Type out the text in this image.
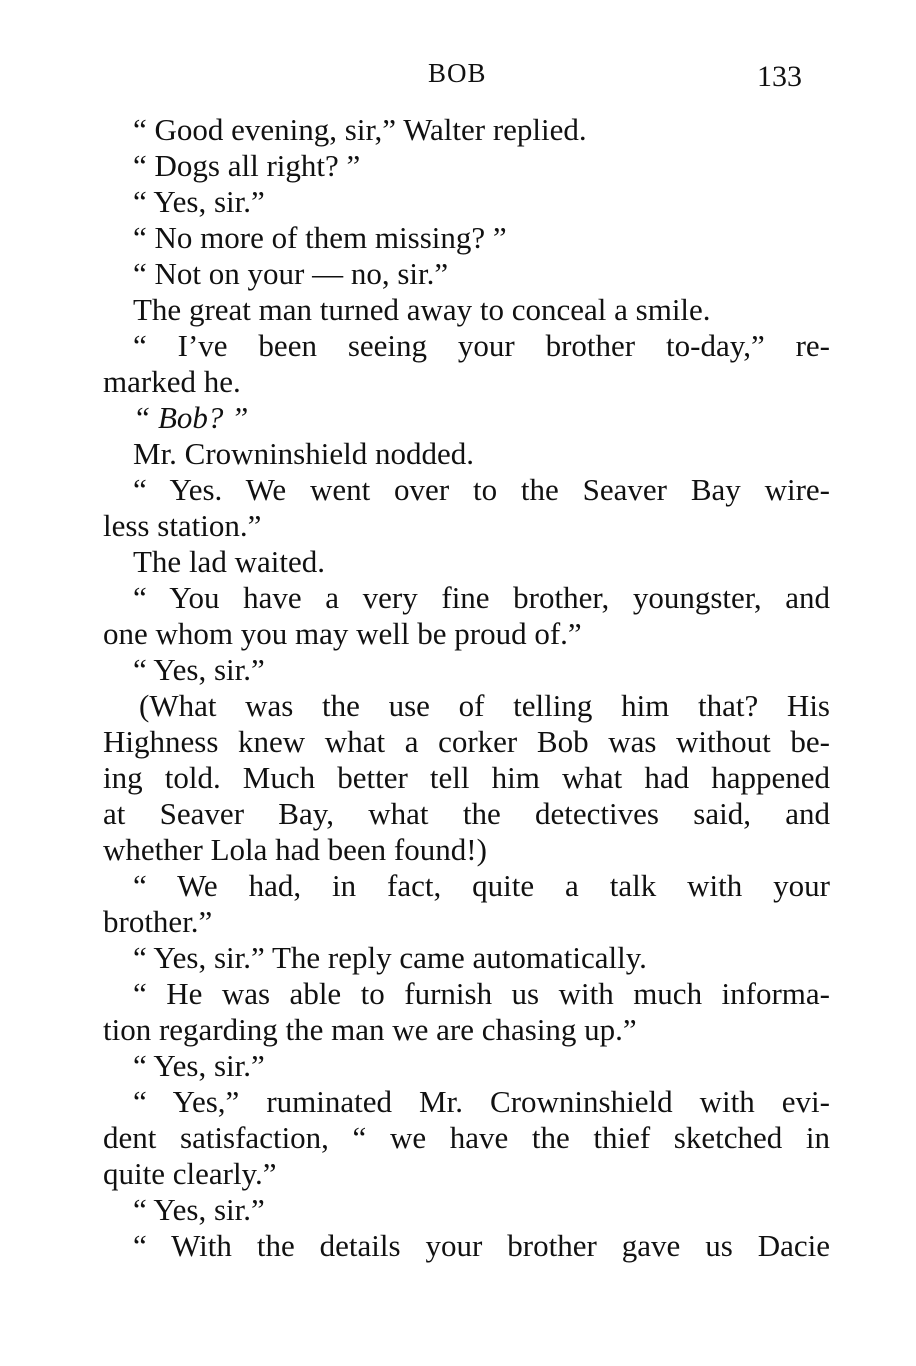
BOB	133
“ Good evening, sir,” Walter replied.
“ Dogs all right? ”
“ Yes, sir.”
“ No more of them missing? ”
“ Not on your — no, sir.”
The great man turned away to conceal a smile.
“ I’ve been seeing your brother to-day,” re-
marked he.
“ Bob? ”
Mr. Crowninshield nodded.
“ Yes. We went over to the Seaver Bay wire-
less station.”
The lad waited.
“ You have a very fine brother, youngster, and
one whom you may well be proud of.”
“ Yes, sir.”
(What was the use of telling him that? His
Highness knew what a corker Bob was without be-
ing told. Much better tell him what had happened
at Seaver Bay, what the detectives said, and
whether Lola had been found!)
“ We had, in fact, quite a talk with your
brother.”
“ Yes, sir.” The reply came automatically.
“ He was able to furnish us with much informa-
tion regarding the man we are chasing up.”
“ Yes, sir.”
“ Yes,” ruminated Mr. Crowninshield with evi-
dent satisfaction, “ we have the thief sketched in
quite clearly.”
“ Yes, sir.”
“ With the details your brother gave us Dacie
